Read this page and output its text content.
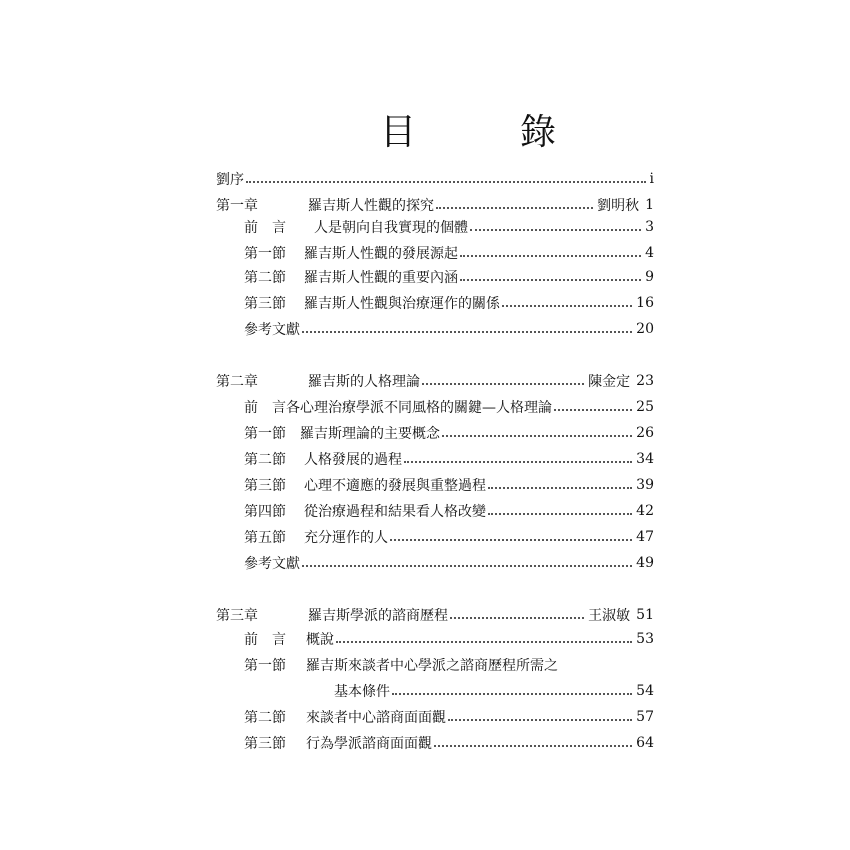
目　錄
劉序	i
第一章	羅吉斯人性觀的探究	劉明秋 1
前　言	人是朝向自我實現的個體	3
第一節	羅吉斯人性觀的發展源起	4
第二節	羅吉斯人性觀的重要內涵	9
第三節	羅吉斯人性觀與治療運作的關係	16
參考文獻	20
第二章	羅吉斯的人格理論	陳金定 23
前　言 各心理治療學派不同風格的關鍵—人格理論	25
第一節	羅吉斯理論的主要概念	26
第二節	人格發展的過程	34
第三節	心理不適應的發展與重整過程	39
第四節	從治療過程和結果看人格改變	42
第五節	充分運作的人	47
參考文獻	49
第三章	羅吉斯學派的諮商歷程	王淑敏 51
前　言	概說	53
第一節	羅吉斯來談者中心學派之諮商歷程所需之
基本條件	54
第二節	來談者中心諮商面面觀	57
第三節	行為學派諮商面面觀	64
